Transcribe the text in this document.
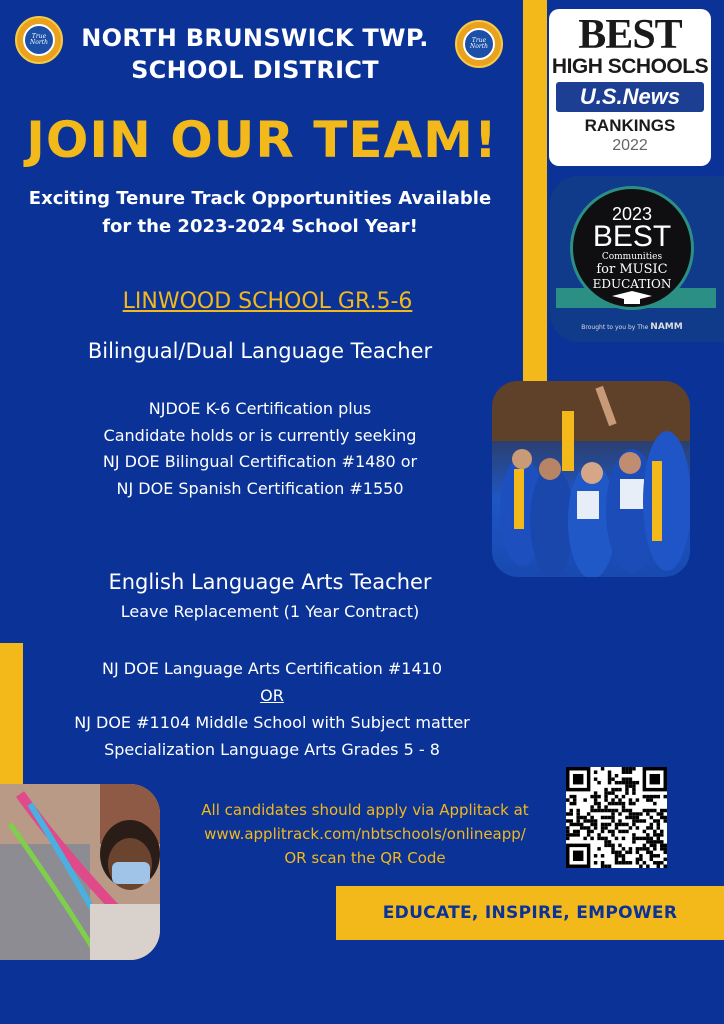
True North	True North
NORTH BRUNSWICK TWP.
SCHOOL DISTRICT
JOIN OUR TEAM!
Exciting Tenure Track Opportunities Available
for the 2023-2024 School Year!
LINWOOD SCHOOL GR.5-6
Bilingual/Dual Language Teacher
NJDOE K-6 Certification plus
Candidate holds or is currently seeking
NJ DOE Bilingual Certification #1480 or
NJ DOE Spanish Certification #1550
English Language Arts Teacher
Leave Replacement (1 Year Contract)
NJ DOE Language Arts Certification #1410
OR
NJ DOE #1104 Middle School with Subject matter
Specialization Language Arts Grades 5 - 8
All candidates should apply via Applitack at
www.applitrack.com/nbtschools/onlineapp/
OR scan the QR Code
BEST
HIGH SCHOOLS
U.S.News
RANKINGS
2022
2023
BEST
Communities
for MUSIC
EDUCATION
Brought to you by The NAMM
EDUCATE, INSPIRE, EMPOWER
